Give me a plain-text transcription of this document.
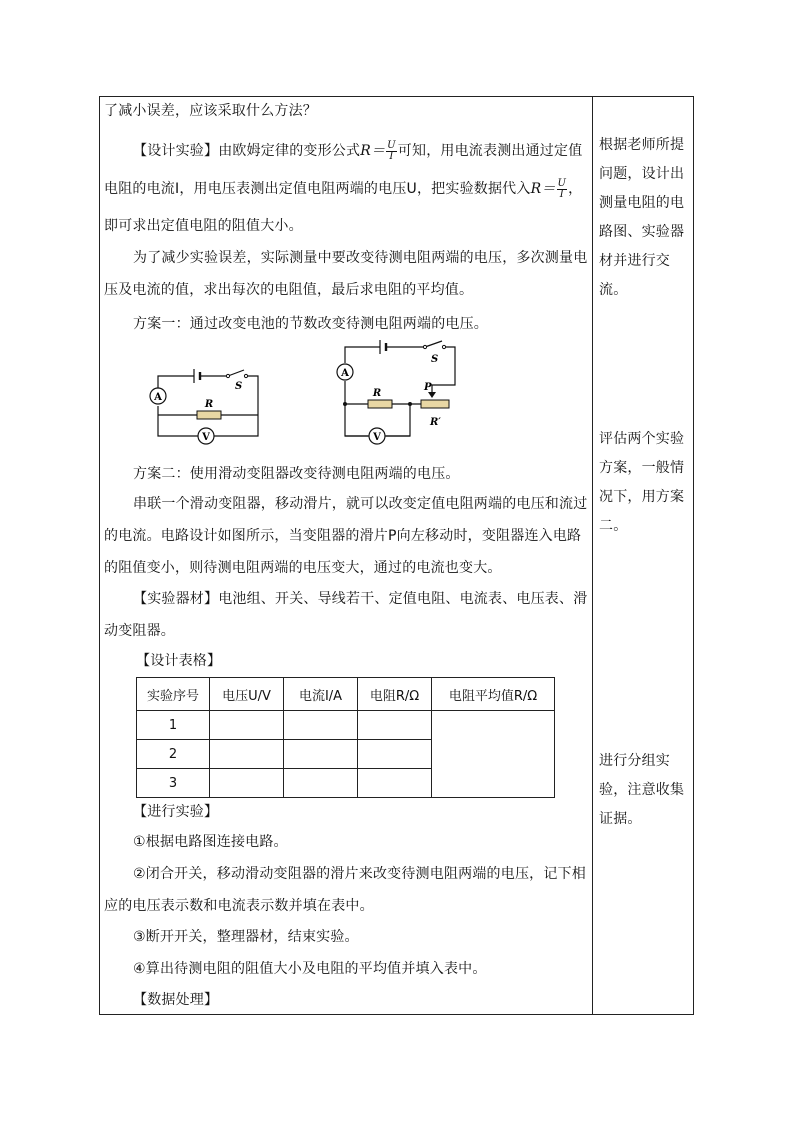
了减小误差，应该采取什么方法？
【设计实验】由欧姆定律的变形公式$R= \frac{U}{I}$ 可知，用电流表测出通过定值
电阻的电流I，用电压表测出定值电阻两端的电压U，把实验数据代入$R= \frac{U}{I}$ ，
即可求出定值电阻的阻值大小。
为了减少实验误差，实际测量中要改变待测电阻两端的电压，多次测量电
压及电流的值，求出每次的电阻值，最后求电阻的平均值。
方案一：通过改变电池的节数改变待测电阻两端的电压。
A
V
R
S
A
V
R
S
P
R′
方案二：使用滑动变阻器改变待测电阻两端的电压。
串联一个滑动变阻器，移动滑片，就可以改变定值电阻两端的电压和流过
的电流。电路设计如图所示，当变阻器的滑片P向左移动时，变阻器连入电路
的阻值变小，则待测电阻两端的电压变大，通过的电流也变大。
【实验器材】电池组、开关、导线若干、定值电阻、电流表、电压表、滑
动变阻器。
【设计表格】
实验序号	电压U/V	电流I/A	电阻R/Ω	电阻平均值R/Ω
1				
2				
3				
【进行实验】
①根据电路图连接电路。
②闭合开关，移动滑动变阻器的滑片来改变待测电阻两端的电压，记下相
应的电压表示数和电流表示数并填在表中。
③断开开关，整理器材，结束实验。
④算出待测电阻的阻值大小及电阻的平均值并填入表中。
【数据处理】
根据老师所提
问题，设计出
测量电阻的电
路图、实验器
材并进行交
流。
评估两个实验
方案，一般情
况下，用方案
二。
进行分组实
验，注意收集
证据。
